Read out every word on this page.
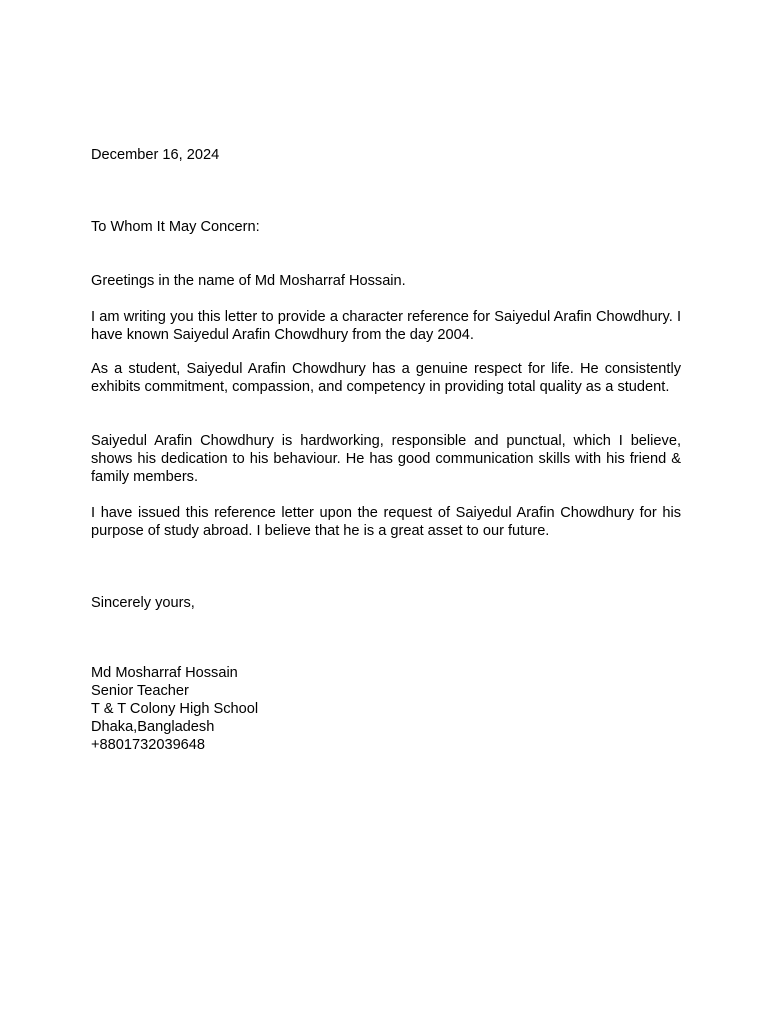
December 16, 2024

To Whom It May Concern:

Greetings in the name of Md Mosharraf Hossain.

I am writing you this letter to provide a character reference for Saiyedul Arafin Chowdhury. I have known Saiyedul Arafin Chowdhury from the day 2004.

As a student, Saiyedul Arafin Chowdhury has a genuine respect for life. He consistently exhibits commitment, compassion, and competency in providing total quality as a student.

Saiyedul Arafin Chowdhury is hardworking, responsible and punctual, which I believe, shows his dedication to his behaviour. He has good communication skills with his friend & family members.

I have issued this reference letter upon the request of Saiyedul Arafin Chowdhury for his purpose of study abroad. I believe that he is a great asset to our future.

Sincerely yours,

Md Mosharraf Hossain
Senior Teacher
T & T Colony High School
Dhaka,Bangladesh
+8801732039648
